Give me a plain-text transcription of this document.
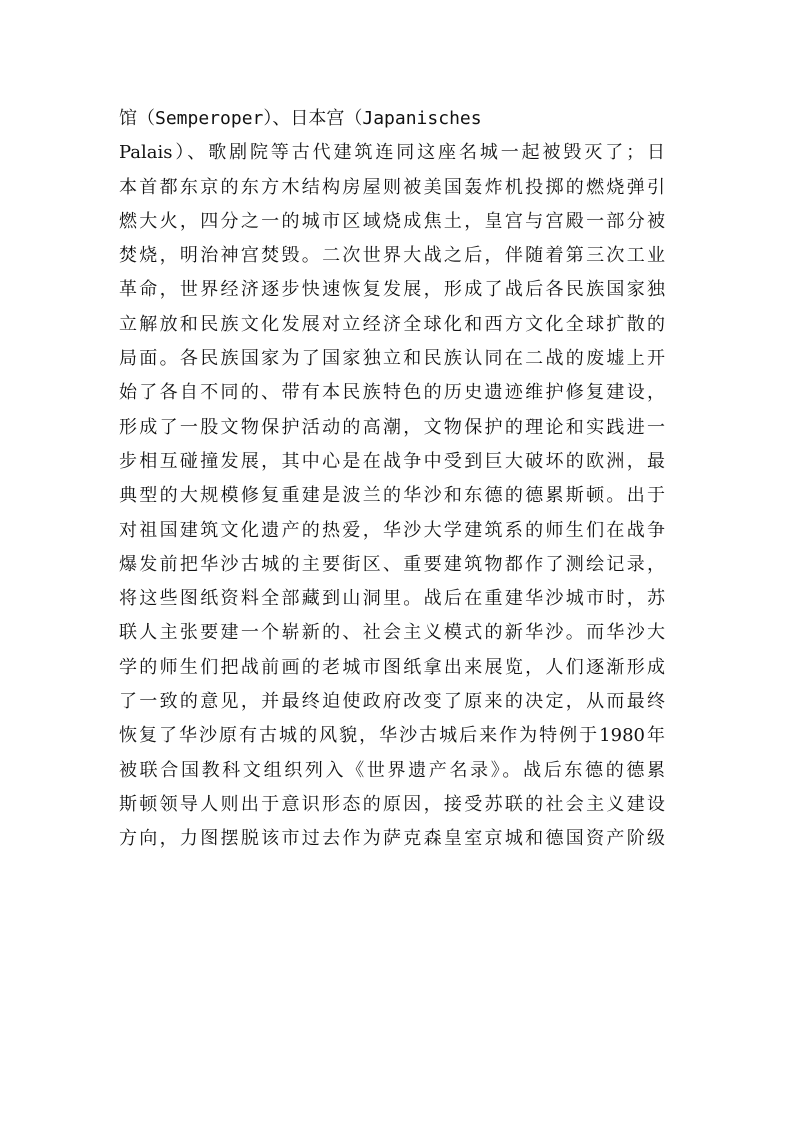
馆（Semperoper）、日本宫（Japanisches
Palais）、歌剧院等古代建筑连同这座名城一起被毁灭了；日
本首都东京的东方木结构房屋则被美国轰炸机投掷的燃烧弹引
燃大火，四分之一的城市区域烧成焦土，皇宫与宫殿一部分被
焚烧，明治神宫焚毁。二次世界大战之后，伴随着第三次工业
革命，世界经济逐步快速恢复发展，形成了战后各民族国家独
立解放和民族文化发展对立经济全球化和西方文化全球扩散的
局面。各民族国家为了国家独立和民族认同在二战的废墟上开
始了各自不同的、带有本民族特色的历史遗迹维护修复建设，
形成了一股文物保护活动的高潮，文物保护的理论和实践进一
步相互碰撞发展，其中心是在战争中受到巨大破坏的欧洲，最
典型的大规模修复重建是波兰的华沙和东德的德累斯顿。出于
对祖国建筑文化遗产的热爱，华沙大学建筑系的师生们在战争
爆发前把华沙古城的主要街区、重要建筑物都作了测绘记录，
将这些图纸资料全部藏到山洞里。战后在重建华沙城市时，苏
联人主张要建一个崭新的、社会主义模式的新华沙。而华沙大
学的师生们把战前画的老城市图纸拿出来展览，人们逐渐形成
了一致的意见，并最终迫使政府改变了原来的决定，从而最终
恢复了华沙原有古城的风貌，华沙古城后来作为特例于1980年
被联合国教科文组织列入《世界遗产名录》。战后东德的德累
斯顿领导人则出于意识形态的原因，接受苏联的社会主义建设
方向，力图摆脱该市过去作为萨克森皇室京城和德国资产阶级
